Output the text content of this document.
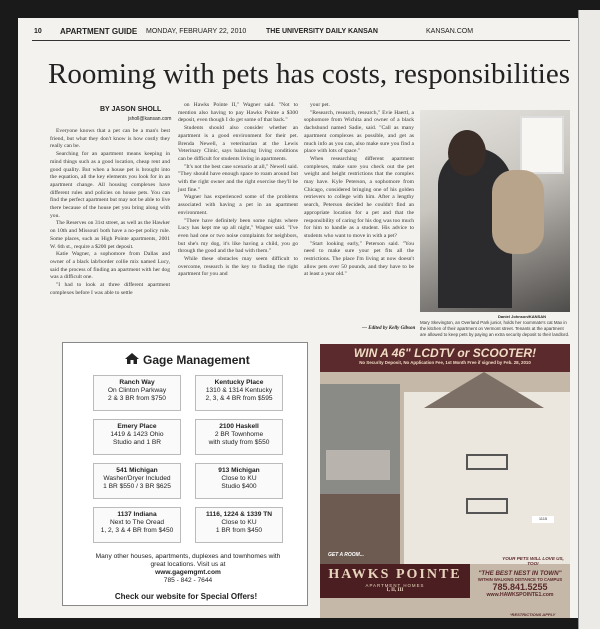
10 APARTMENT GUIDE MONDAY, FEBRUARY 22, 2010	THE UNIVERSITY DAILY KANSAN	KANSAN.COM
Rooming with pets has costs, responsibilities
BY JASON SHOLL
jsholl@kansan.com

Everyone knows that a pet can be a man's best friend, but what they don't know is how costly they really can be.

Searching for an apartment means keeping in mind things such as a good location, cheap rent and good quality. But when a house pet is brought into the equation, all the key elements you look for in an apartment change. All housing complexes have different rules and policies on house pets. You can find the perfect apartment but may not be able to live there because of the house pet you bring along with you.

The Reserves on 31st street, as well as the Hawker on 10th and Missouri both have a no-pet policy rule. Some places, such as High Pointe apartments, 2001 W. 6th st., require a $200 pet deposit.

Katie Wagner, a sophomore from Dallas and owner of a black lab/border collie mix named Lucy, said the process of finding an apartment with her dog was a difficult one.

"I had to look at three different apartment complexes before I was able to settle

on Hawks Pointe II," Wagner said. "Not to mention also having to pay Hawks Pointe a $300 deposit, even though I do get some of that back."

Students should also consider whether an apartment is a good environment for their pet. Brenda Newell, a veterinarian at the Lewis Veterinary Clinic, says balancing living conditions can be difficult for students living in apartments.

"It's not the best case scenario at all," Newell said. "They should have enough space to roam around but with the right owner and the right exercise they'll be just fine."

Wagner has experienced some of the problems associated with having a pet in an apartment environment.

"There have definitely been some nights where Lucy has kept me up all night," Wagner said. "I've even had one or two noise complaints for neighbors, but she's my dog, it's like having a child, you go through the good and the bad with them."

While these obstacles may seem difficult to overcome, research is the key to finding the right apartment for you and

your pet.

"Research, research, research," Evie Haertl, a sophomore from Wichita and owner of a black dachshund named Sadie, said. "Call as many apartment complexes as possible, and get as much info as you can, also make sure you find a place with lots of space."

When researching different apartment complexes, make sure you check out the pet weight and height restrictions that the complex may have. Kyle Peterson, a sophomore from Chicago, considered bringing one of his golden retrievers to college with him. After a lengthy search, Peterson decided he couldn't find an appropriate location for a pet and that the responsibility of caring for his dog was too much for him to handle as a student. His advice to students who want to move in with a pet?

"Start looking early," Peterson said. "You need to make sure your pet fits all the restrictions. The place I'm living at now doesn't allow pets over 50 pounds, and they have to be at least a year old."

— Edited by Kelly Gibson
Daniel Johnson/KANSAN
Mary Skevington, an Overland Park junior, holds her roommate's cat Max in the kitchen of their apartment on Vermont street. Tenants at the apartment are allowed to keep pets by paying an extra security deposit to their landlord.
Gage Management
Ranch Way
On Clinton Parkway
2 & 3 BR from $750
Kentucky Place
1310 & 1314 Kentucky
2, 3, & 4 BR from $595
Emery Place
1419 & 1423 Ohio
Studio and 1 BR
2100 Haskell
2 BR Townhome
with study from $550
541 Michigan
Washer/Dryer Included
1 BR $550 / 3 BR $625
913 Michigan
Close to KU
Studio $400
1137 Indiana
Next to The Oread
1, 2, 3 & 4 BR from $450
1116, 1224 & 1339 TN
Close to KU
1 BR from $450
Many other houses, apartments, duplexes and townhomes with great locations. Visit us at
www.gagemgmt.com
785 - 842 - 7644
Check our website for Special Offers!
WIN A 46" LCDTV or SCOOTER!
No Security Deposit, No Application Fee, 1st Month Free if signed by Feb. 28, 2010
1115
GET A ROOM...
YOUR PETS WILL LOVE US, TOO!
HAWKS POINTE
APARTMENT HOMES
I, II, III
"THE BEST NEST IN TOWN"
WITHIN WALKING DISTANCE TO CAMPUS
785.841.5255
www.HAWKSPOINTE1.com
*RESTRICTIONS APPLY
